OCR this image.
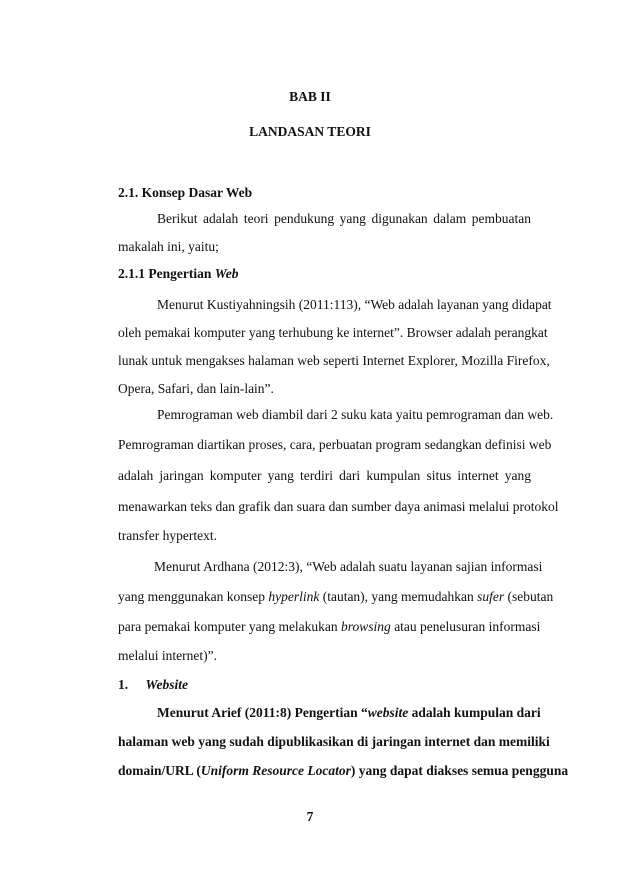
BAB II
LANDASAN TEORI
2.1. Konsep Dasar Web
Berikut adalah teori pendukung yang digunakan dalam pembuatan
makalah ini, yaitu;
2.1.1 Pengertian Web
Menurut Kustiyahningsih (2011:113), “Web adalah layanan yang didapat
oleh pemakai komputer yang terhubung ke internet”. Browser adalah perangkat
lunak untuk mengakses halaman web seperti Internet Explorer, Mozilla Firefox,
Opera, Safari, dan lain-lain”.
Pemrograman web diambil dari 2 suku kata yaitu pemrograman dan web.
Pemrograman diartikan proses, cara, perbuatan program sedangkan definisi web
adalah jaringan komputer yang terdiri dari kumpulan situs internet yang
menawarkan teks dan grafik dan suara dan sumber daya animasi melalui protokol
transfer hypertext.
Menurut Ardhana (2012:3), “Web adalah suatu layanan sajian informasi
yang menggunakan konsep hyperlink (tautan), yang memudahkan sufer (sebutan
para pemakai komputer yang melakukan browsing atau penelusuran informasi
melalui internet)”.
1. Website
Menurut Arief (2011:8) Pengertian “website adalah kumpulan dari
halaman web yang sudah dipublikasikan di jaringan internet dan memiliki
domain/URL (Uniform Resource Locator) yang dapat diakses semua pengguna
7
